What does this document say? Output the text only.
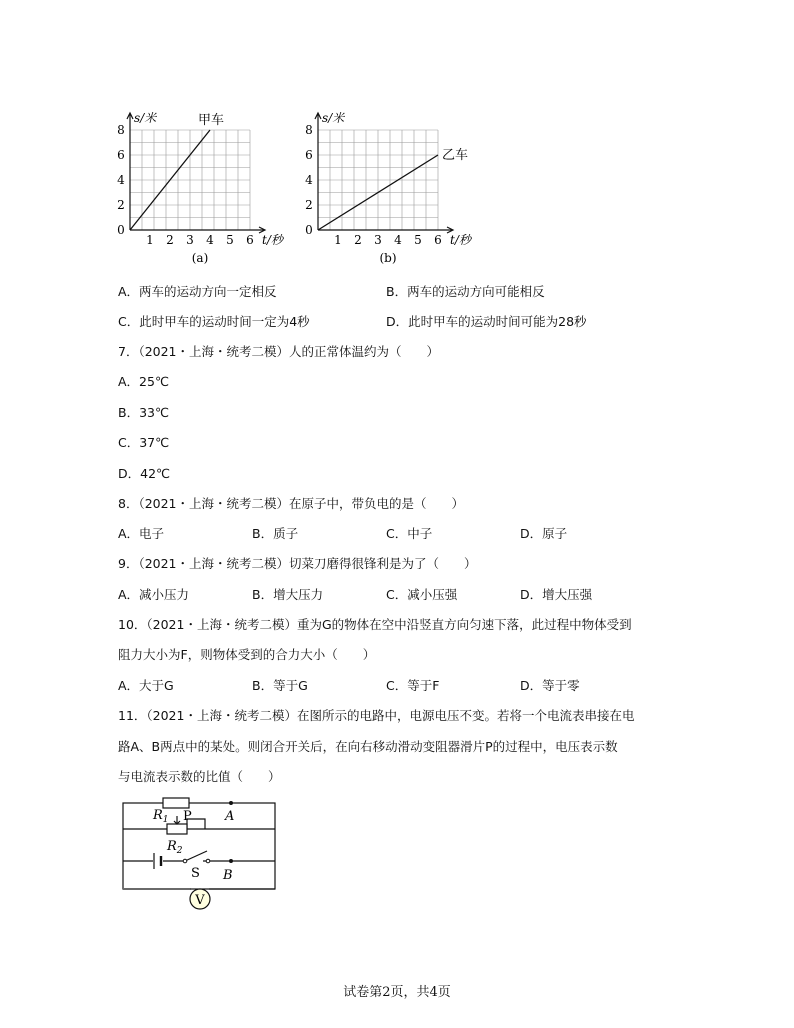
0
2
4
6
8
1 2 3 4 5 6
s/米
t/秒
甲车
(a)
0
2
4
6
8
1 2 3 4 5 6
s/米
t/秒
乙车
(b)
A．两车的运动方向一定相反	B．两车的运动方向可能相反
C．此时甲车的运动时间一定为4秒	D．此时甲车的运动时间可能为28秒
7．（2021・上海・统考二模）人的正常体温约为（　　）
A．25℃
B．33℃
C．37℃
D．42℃
8．（2021・上海・统考二模）在原子中，带负电的是（　　）
A．电子	B．质子	C．中子	D．原子
9．（2021・上海・统考二模）切菜刀磨得很锋利是为了（　　）
A．减小压力	B．增大压力	C．减小压强	D．增大压强
10．（2021・上海・统考二模）重为G的物体在空中沿竖直方向匀速下落，此过程中物体受到
阻力大小为F，则物体受到的合力大小（　　）
A．大于G	B．等于G	C．等于F	D．等于零
11．（2021・上海・统考二模）在图所示的电路中，电源电压不变。若将一个电流表串接在电
路A、B两点中的某处。则闭合开关后，在向右移动滑动变阻器滑片P的过程中，电压表示数
与电流表示数的比值（　　）
V
$R_1$ P
$R_2$
A
S B
试卷第2页，共4页
